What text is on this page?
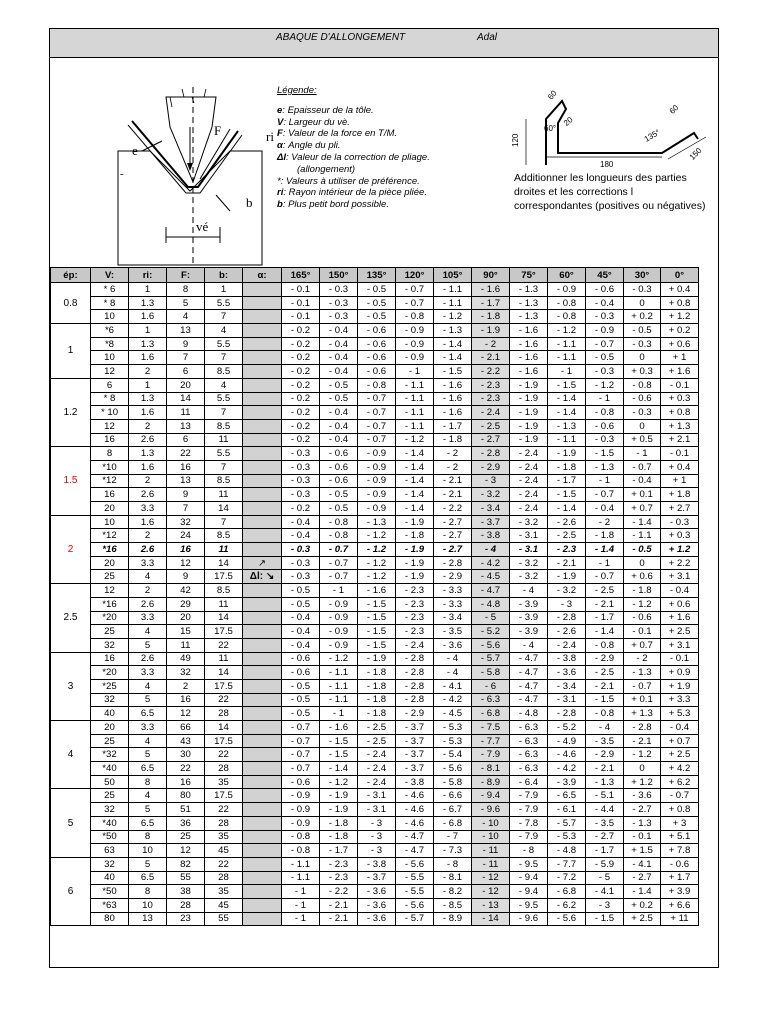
ABAQUE D'ALLONGEMENT	Adal
e
F	ri
b
vé
-
Légende:
e: Epaisseur de la tôle.
V: Largeur du vè.
F: Valeur de la force en T/M.
α: Angle du pli.
Δl: Valeur de la correction de pliage.
(allongement)
*: Valeurs à utiliser de préférence.
ri: Rayon intérieur de la pièce pliée.
b: Plus petit bord possible.
120
60
60°
20
180
135°
60
150
Additionner les longueurs des parties droites et les corrections l correspondantes (positives ou négatives)
ép:	V:	ri:	F:	b:	α:	165°	150°	135°	120°	105°	90°	75°	60°	45°	30°	0°
0.8	* 6	1	8	1		- 0.1	- 0.3	- 0.5	- 0.7	- 1.1	- 1.6	- 1.3	- 0.9	- 0.6	- 0.3	+ 0.4
	* 8	1.3	5	5.5		- 0.1	- 0.3	- 0.5	- 0.7	- 1.1	- 1.7	- 1.3	- 0.8	- 0.4	0	+ 0.8
	10	1.6	4	7		- 0.1	- 0.3	- 0.5	- 0.8	- 1.2	- 1.8	- 1.3	- 0.8	- 0.3	+ 0.2	+ 1.2
1	*6	1	13	4		- 0.2	- 0.4	- 0.6	- 0.9	- 1.3	- 1.9	- 1.6	- 1.2	- 0.9	- 0.5	+ 0.2
	*8	1.3	9	5.5		- 0.2	- 0.4	- 0.6	- 0.9	- 1.4	- 2	- 1.6	- 1.1	- 0.7	- 0.3	+ 0.6
	10	1.6	7	7		- 0.2	- 0.4	- 0.6	- 0.9	- 1.4	- 2.1	- 1.6	- 1.1	- 0.5	0	+ 1
	12	2	6	8.5		- 0.2	- 0.4	- 0.6	- 1	- 1.5	- 2.2	- 1.6	- 1	- 0.3	+ 0.3	+ 1.6
1.2	6	1	20	4		- 0.2	- 0.5	- 0.8	- 1.1	- 1.6	- 2.3	- 1.9	- 1.5	- 1.2	- 0.8	- 0.1
	* 8	1.3	14	5.5		- 0.2	- 0.5	- 0.7	- 1.1	- 1.6	- 2.3	- 1.9	- 1.4	- 1	- 0.6	+ 0.3
	* 10	1.6	11	7		- 0.2	- 0.4	- 0.7	- 1.1	- 1.6	- 2.4	- 1.9	- 1.4	- 0.8	- 0.3	+ 0.8
	12	2	13	8.5		- 0.2	- 0.4	- 0.7	- 1.1	- 1.7	- 2.5	- 1.9	- 1.3	- 0.6	0	+ 1.3
	16	2.6	6	11		- 0.2	- 0.4	- 0.7	- 1.2	- 1.8	- 2.7	- 1.9	- 1.1	- 0.3	+ 0.5	+ 2.1
1.5	8	1.3	22	5.5		- 0.3	- 0.6	- 0.9	- 1.4	- 2	- 2.8	- 2.4	- 1.9	- 1.5	- 1	- 0.1
	*10	1.6	16	7		- 0.3	- 0.6	- 0.9	- 1.4	- 2	- 2.9	- 2.4	- 1.8	- 1.3	- 0.7	+ 0.4
	*12	2	13	8.5		- 0.3	- 0.6	- 0.9	- 1.4	- 2.1	- 3	- 2.4	- 1.7	- 1	- 0.4	+ 1
	16	2.6	9	11		- 0.3	- 0.5	- 0.9	- 1.4	- 2.1	- 3.2	- 2.4	- 1.5	- 0.7	+ 0.1	+ 1.8
	20	3.3	7	14		- 0.2	- 0.5	- 0.9	- 1.4	- 2.2	- 3.4	- 2.4	- 1.4	- 0.4	+ 0.7	+ 2.7
2	10	1.6	32	7		- 0.4	- 0.8	- 1.3	- 1.9	- 2.7	- 3.7	- 3.2	- 2.6	- 2	- 1.4	- 0.3
	*12	2	24	8.5		- 0.4	- 0.8	- 1.2	- 1.8	- 2.7	- 3.8	- 3.1	- 2.5	- 1.8	- 1.1	+ 0.3
	*16	2.6	16	11		- 0.3	- 0.7	- 1.2	- 1.9	- 2.7	- 4	- 3.1	- 2.3	- 1.4	- 0.5	+ 1.2
	20	3.3	12	14	↗	- 0.3	- 0.7	- 1.2	- 1.9	- 2.8	- 4.2	- 3.2	- 2.1	- 1	0	+ 2.2
	25	4	9	17.5	Δl: ↘	- 0.3	- 0.7	- 1.2	- 1.9	- 2.9	- 4.5	- 3.2	- 1.9	- 0.7	+ 0.6	+ 3.1
2.5	12	2	42	8.5		- 0.5	- 1	- 1.6	- 2.3	- 3.3	- 4.7	- 4	- 3.2	- 2.5	- 1.8	- 0.4
	*16	2.6	29	11		- 0.5	- 0.9	- 1.5	- 2.3	- 3.3	- 4.8	- 3.9	- 3	- 2.1	- 1.2	+ 0.6
	*20	3.3	20	14		- 0.4	- 0.9	- 1.5	- 2.3	- 3.4	- 5	- 3.9	- 2.8	- 1.7	- 0.6	+ 1.6
	25	4	15	17.5		- 0.4	- 0.9	- 1.5	- 2.3	- 3.5	- 5.2	- 3.9	- 2.6	- 1.4	- 0.1	+ 2.5
	32	5	11	22		- 0.4	- 0.9	- 1.5	- 2.4	- 3.6	- 5.6	- 4	- 2.4	- 0.8	+ 0.7	+ 3.1
3	16	2.6	49	11		- 0.6	- 1.2	- 1.9	- 2.8	- 4	- 5.7	- 4.7	- 3.8	- 2.9	- 2	- 0.1
	*20	3.3	32	14		- 0.6	- 1.1	- 1.8	- 2.8	- 4	- 5.8	- 4.7	- 3.6	- 2.5	- 1.3	+ 0.9
	*25	4	2	17.5		- 0.5	- 1.1	- 1.8	- 2.8	- 4.1	- 6	- 4.7	- 3.4	- 2.1	- 0.7	+ 1.9
	32	5	16	22		- 0.5	- 1.1	- 1.8	- 2.8	- 4.2	- 6.3	- 4.7	- 3.1	- 1.5	+ 0.1	+ 3.3
	40	6.5	12	28		- 0.5	- 1	- 1.8	- 2.9	- 4.5	- 6.8	- 4.8	- 2.8	- 0.8	+ 1.3	+ 5.3
4	20	3.3	66	14		- 0.7	- 1.6	- 2.5	- 3.7	- 5.3	- 7.5	- 6.3	- 5.2	- 4	- 2.8	- 0.4
	25	4	43	17.5		- 0.7	- 1.5	- 2.5	- 3.7	- 5.3	- 7.7	- 6.3	- 4.9	- 3.5	- 2.1	+ 0.7
	*32	5	30	22		- 0.7	- 1.5	- 2.4	- 3.7	- 5.4	- 7.9	- 6.3	- 4.6	- 2.9	- 1.2	+ 2.5
	*40	6.5	22	28		- 0.7	- 1.4	- 2.4	- 3.7	- 5.6	- 8.1	- 6.3	- 4.2	- 2.1	0	+ 4.2
	50	8	16	35		- 0.6	- 1.2	- 2.4	- 3.8	- 5.8	- 8.9	- 6.4	- 3.9	- 1.3	+ 1.2	+ 6.2
5	25	4	80	17.5		- 0.9	- 1.9	- 3.1	- 4.6	- 6.6	- 9.4	- 7.9	- 6.5	- 5.1	- 3.6	- 0.7
	32	5	51	22		- 0.9	- 1.9	- 3.1	- 4.6	- 6.7	- 9.6	- 7.9	- 6.1	- 4.4	- 2.7	+ 0.8
	*40	6.5	36	28		- 0.9	- 1.8	- 3	- 4.6	- 6.8	- 10	- 7.8	- 5.7	- 3.5	- 1.3	+ 3
	*50	8	25	35		- 0.8	- 1.8	- 3	- 4.7	- 7	- 10	- 7.9	- 5.3	- 2.7	- 0.1	+ 5.1
	63	10	12	45		- 0.8	- 1.7	- 3	- 4.7	- 7.3	- 11	- 8	- 4.8	- 1.7	+ 1.5	+ 7.8
6	32	5	82	22		- 1.1	- 2.3	- 3.8	- 5.6	- 8	- 11	- 9.5	- 7.7	- 5.9	- 4.1	- 0.6
	40	6.5	55	28		- 1.1	- 2.3	- 3.7	- 5.5	- 8.1	- 12	- 9.4	- 7.2	- 5	- 2.7	+ 1.7
	*50	8	38	35		- 1	- 2.2	- 3.6	- 5.5	- 8.2	- 12	- 9.4	- 6.8	- 4.1	- 1.4	+ 3.9
	*63	10	28	45		- 1	- 2.1	- 3.6	- 5.6	- 8.5	- 13	- 9.5	- 6.2	- 3	+ 0.2	+ 6.6
	80	13	23	55		- 1	- 2.1	- 3.6	- 5.7	- 8.9	- 14	- 9.6	- 5.6	- 1.5	+ 2.5	+ 11
